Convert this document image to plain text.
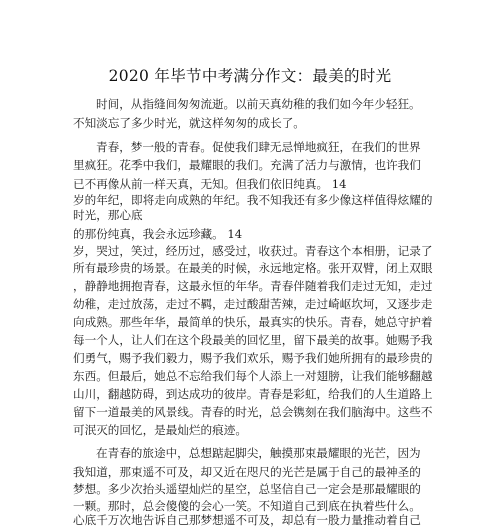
2020 年毕节中考满分作文：最美的时光
时间，从指缝间匆匆流逝。以前天真幼稚的我们如今年少轻狂。
不知淡忘了多少时光，就这样匆匆的成长了。
青春，梦一般的青春。促使我们肆无忌惮地疯狂，在我们的世界
里疯狂。花季中我们，最耀眼的我们。充满了活力与激情，也许我们
已不再像从前一样天真，无知。但我们依旧纯真。 14
岁的年纪，即将走向成熟的年纪。我不知我还有多少像这样值得炫耀的
时光，那心底
的那份纯真，我会永远珍藏。 14
岁，哭过，笑过，经历过，感受过，收获过。青春这个本相册，记录了
所有最珍贵的场景。在最美的时候，永远地定格。张开双臂，闭上双眼
，静静地拥抱青春，这最永恒的年华。青春伴随着我们走过无知，走过
幼稚，走过放荡，走过不羁，走过酸甜苦辣，走过崎岖坎坷，又逐步走
向成熟。那些年华，最简单的快乐，最真实的快乐。青春，她总守护着
每一个人，让人们在这个段最美的回忆里，留下最美的故事。她赐予我
们勇气，赐予我们毅力，赐予我们欢乐，赐予我们她所拥有的最珍贵的
东西。但最后，她总不忘给我们每个人添上一对翅膀，让我们能够翻越
山川，翻越防碍，到达成功的彼岸。青春是彩虹，给我们的人生道路上
留下一道最美的风景线。青春的时光，总会镌刻在我们脑海中。这些不
可泯灭的回忆，是最灿烂的痕迹。
在青春的旅途中，总想踮起脚尖，触摸那束最耀眼的光芒，因为
我知道，那束遥不可及，却又近在咫尺的光芒是属于自己的最神圣的
梦想。多少次抬头遥望灿烂的星空，总坚信自己一定会是那最耀眼的
一颗。那时，总会傻傻的会心一笑。不知道自己到底在执着些什么。
心底千万次地告诉自己那梦想遥不可及，却总有一股力量推动着自己
